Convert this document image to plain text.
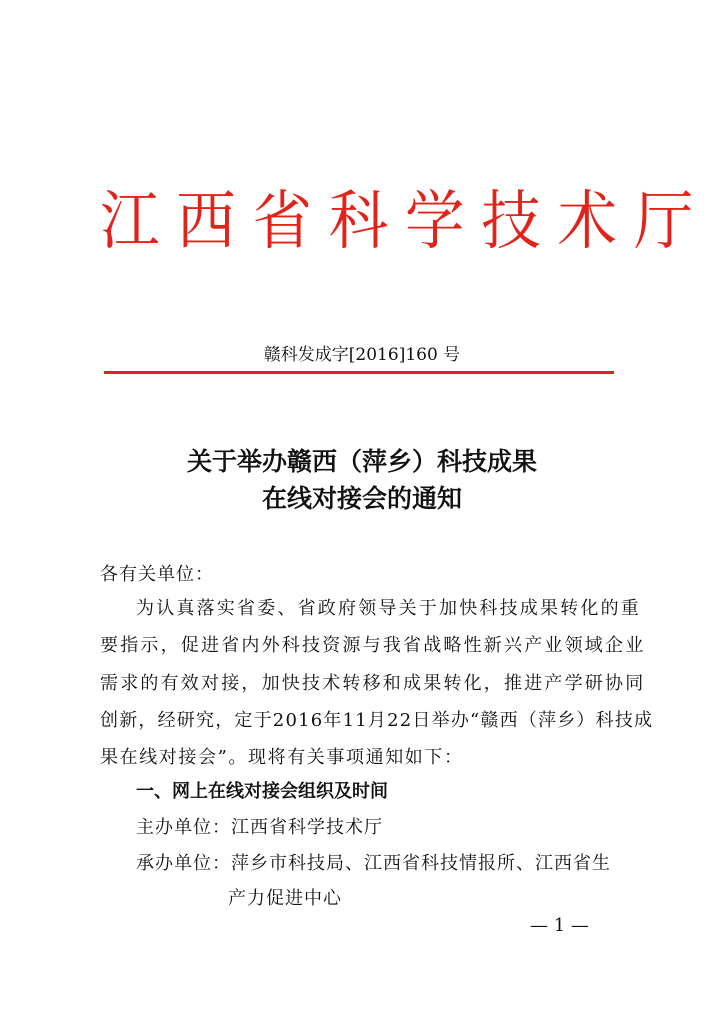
江西省科学技术厅
赣科发成字[2016]160 号
关于举办赣西（萍乡）科技成果
在线对接会的通知
各有关单位：
为认真落实省委、省政府领导关于加快科技成果转化的重
要指示，促进省内外科技资源与我省战略性新兴产业领域企业
需求的有效对接，加快技术转移和成果转化，推进产学研协同
创新，经研究，定于2016年11月22日举办“赣西（萍乡）科技成
果在线对接会”。现将有关事项通知如下：
一、网上在线对接会组织及时间
主办单位：江西省科学技术厅
承办单位：萍乡市科技局、江西省科技情报所、江西省生
产力促进中心
— 1 —
